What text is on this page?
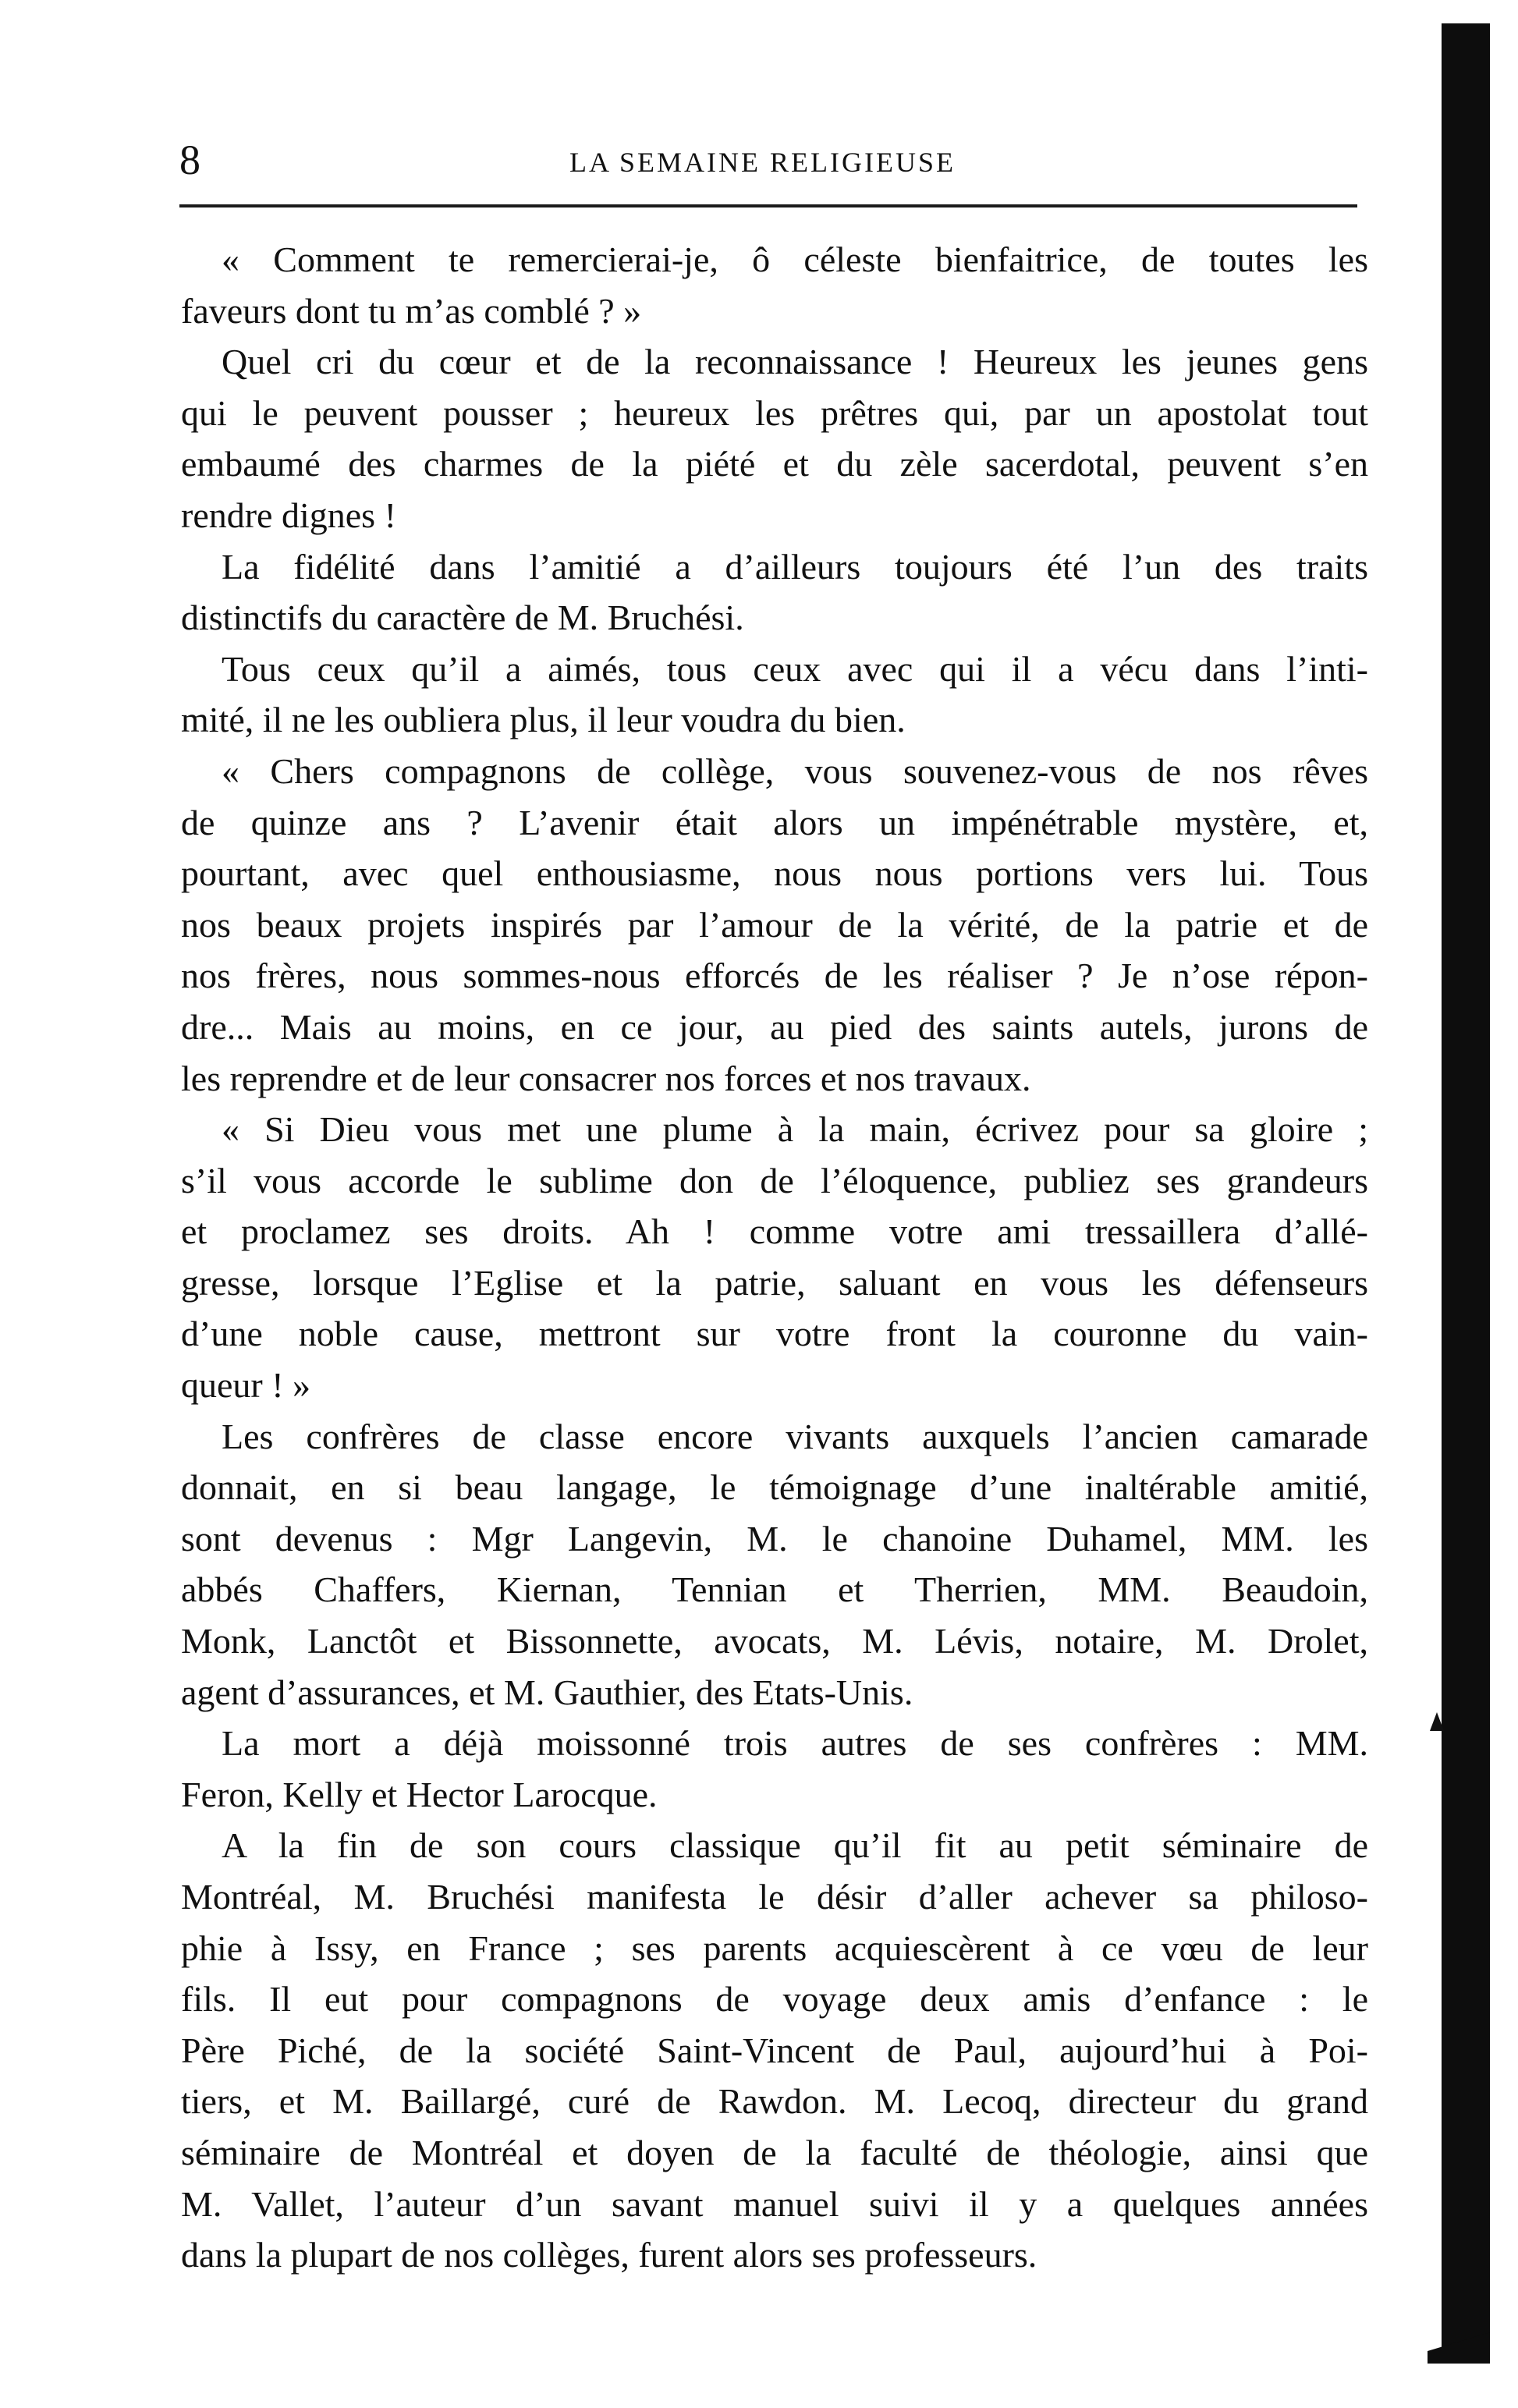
8	LA SEMAINE RELIGIEUSE
« Comment te remercierai-je, ô céleste bienfaitrice, de toutes les
faveurs dont tu m’as comblé ? »
Quel cri du cœur et de la reconnaissance ! Heureux les jeunes gens
qui le peuvent pousser ; heureux les prêtres qui, par un apostolat tout
embaumé des charmes de la piété et du zèle sacerdotal, peuvent s’en
rendre dignes !
La fidélité dans l’amitié a d’ailleurs toujours été l’un des traits
distinctifs du caractère de M. Bruchési.
Tous ceux qu’il a aimés, tous ceux avec qui il a vécu dans l’inti-
mité, il ne les oubliera plus, il leur voudra du bien.
« Chers compagnons de collège, vous souvenez-vous de nos rêves
de quinze ans ? L’avenir était alors un impénétrable mystère, et,
pourtant, avec quel enthousiasme, nous nous portions vers lui. Tous
nos beaux projets inspirés par l’amour de la vérité, de la patrie et de
nos frères, nous sommes-nous efforcés de les réaliser ? Je n’ose répon-
dre... Mais au moins, en ce jour, au pied des saints autels, jurons de
les reprendre et de leur consacrer nos forces et nos travaux.
« Si Dieu vous met une plume à la main, écrivez pour sa gloire ;
s’il vous accorde le sublime don de l’éloquence, publiez ses grandeurs
et proclamez ses droits. Ah ! comme votre ami tressaillera d’allé-
gresse, lorsque l’Eglise et la patrie, saluant en vous les défenseurs
d’une noble cause, mettront sur votre front la couronne du vain-
queur ! »
Les confrères de classe encore vivants auxquels l’ancien camarade
donnait, en si beau langage, le témoignage d’une inaltérable amitié,
sont devenus : Mgr Langevin, M. le chanoine Duhamel, MM. les
abbés Chaffers, Kiernan, Tennian et Therrien, MM. Beaudoin,
Monk, Lanctôt et Bissonnette, avocats, M. Lévis, notaire, M. Drolet,
agent d’assurances, et M. Gauthier, des Etats-Unis.
La mort a déjà moissonné trois autres de ses confrères : MM.
Feron, Kelly et Hector Larocque.
A la fin de son cours classique qu’il fit au petit séminaire de
Montréal, M. Bruchési manifesta le désir d’aller achever sa philoso-
phie à Issy, en France ; ses parents acquiescèrent à ce vœu de leur
fils. Il eut pour compagnons de voyage deux amis d’enfance : le
Père Piché, de la société Saint-Vincent de Paul, aujourd’hui à Poi-
tiers, et M. Baillargé, curé de Rawdon. M. Lecoq, directeur du grand
séminaire de Montréal et doyen de la faculté de théologie, ainsi que
M. Vallet, l’auteur d’un savant manuel suivi il y a quelques années
dans la plupart de nos collèges, furent alors ses professeurs.
